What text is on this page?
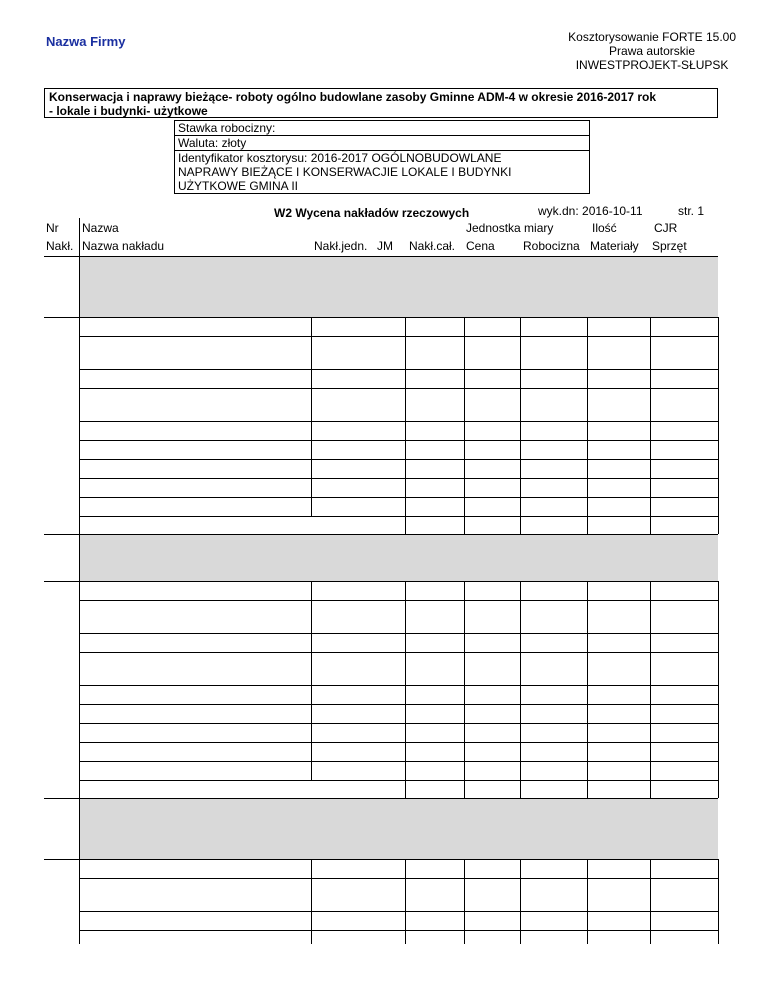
Nazwa Firmy	Kosztorysowanie FORTE 15.00
Prawa autorskie
INWESTPROJEKT-SŁUPSK
Konserwacja i naprawy bieżące- roboty ogólno budowlane zasoby Gminne ADM-4 w okresie 2016-2017 rok
- lokale i budynki- użytkowe
Stawka robocizny:
Waluta: złoty
Identyfikator kosztorysu: 2016-2017 OGÓLNOBUDOWLANE
NAPRAWY BIEŻĄCE I KONSERWACJIE LOKALE I BUDYNKI
UŻYTKOWE GMINA II
W2 Wycena nakładów rzeczowych	wyk.dn: 2016-10-11	str. 1
Nr Nazwa	Jednostka miary	Ilość	CJR
Nakł. Nazwa nakładu	Nakł.jedn. JM Nakł.cał. Cena Robocizna Materiały Sprzęt
